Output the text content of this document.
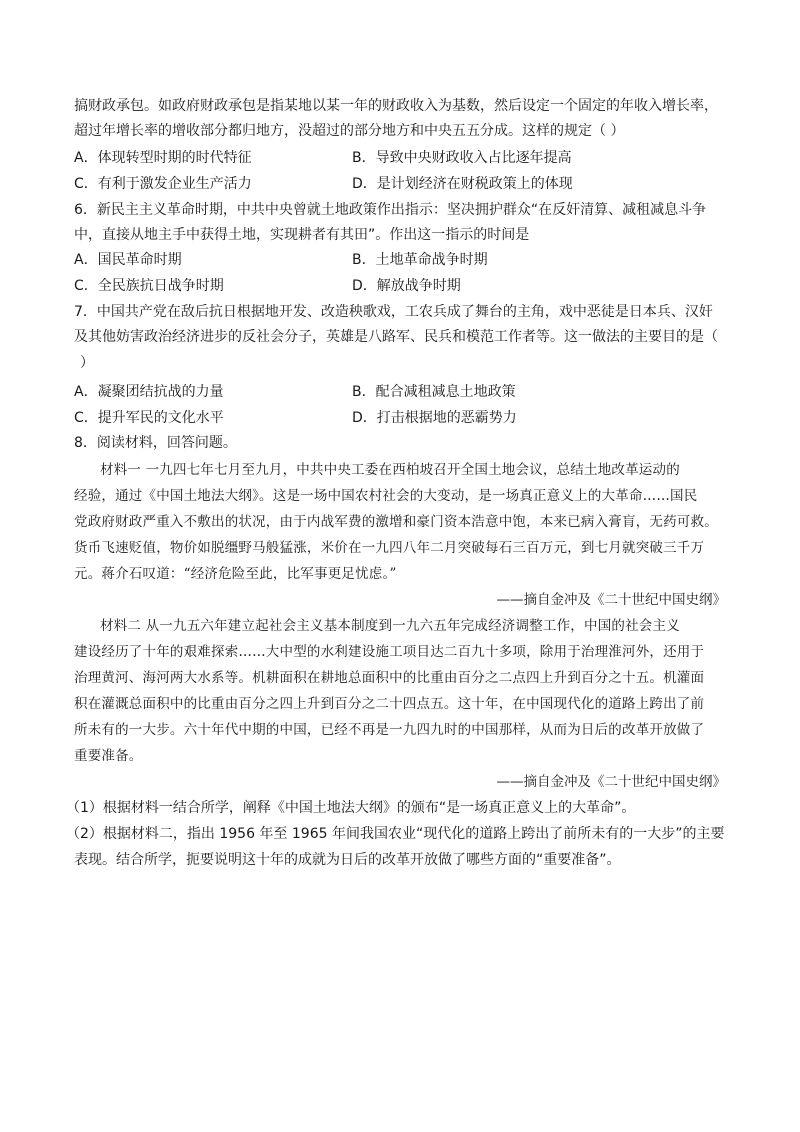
搞财政承包。如政府财政承包是指某地以某一年的财政收入为基数，然后设定一个固定的年收入增长率，

超过年增长率的增收部分都归地方，没超过的部分地方和中央五五分成。这样的规定（ ）

A．体现转型时期的时代特征	B．导致中央财政收入占比逐年提高

C．有利于激发企业生产活力	D．是计划经济在财税政策上的体现

6．新民主主义革命时期，中共中央曾就土地政策作出指示：坚决拥护群众“在反奸清算、减租减息斗争

中，直接从地主手中获得土地，实现耕者有其田”。作出这一指示的时间是

A．国民革命时期	B．土地革命战争时期

C．全民族抗日战争时期	D．解放战争时期

7．中国共产党在敌后抗日根据地开发、改造秧歌戏，工农兵成了舞台的主角，戏中恶徒是日本兵、汉奸

及其他妨害政治经济进步的反社会分子，英雄是八路军、民兵和模范工作者等。这一做法的主要目的是（

）

A．凝聚团结抗战的力量	B．配合减租减息土地政策

C．提升军民的文化水平	D．打击根据地的恶霸势力

8．阅读材料，回答问题。

材料一 一九四七年七月至九月，中共中央工委在西柏坡召开全国土地会议，总结土地改革运动的

经验，通过《中国土地法大纲》。这是一场中国农村社会的大变动，是一场真正意义上的大革命……国民

党政府财政严重入不敷出的状况，由于内战军费的激增和豪门资本浩意中饱，本来已病入膏肓，无药可救。

货币飞速贬值，物价如脱缰野马般猛涨，米价在一九四八年二月突破每石三百万元，到七月就突破三千万

元。蒋介石叹道：“经济危险至此，比军事更足忧虑。”

——摘自金冲及《二十世纪中国史纲》

材料二 从一九五六年建立起社会主义基本制度到一九六五年完成经济调整工作，中国的社会主义

建设经历了十年的艰难探索……大中型的水利建设施工项目达二百九十多项，除用于治理淮河外，还用于

治理黄河、海河两大水系等。机耕面积在耕地总面积中的比重由百分之二点四上升到百分之十五。机灌面

积在灌溉总面积中的比重由百分之四上升到百分之二十四点五。这十年，在中国现代化的道路上跨出了前

所未有的一大步。六十年代中期的中国，已经不再是一九四九时的中国那样，从而为日后的改革开放做了

重要准备。

——摘自金冲及《二十世纪中国史纲》

（1）根据材料一结合所学，阐释《中国土地法大纲》的颁布“是一场真正意义上的大革命”。

（2）根据材料二，指出 1956 年至 1965 年间我国农业“现代化的道路上跨出了前所未有的一大步”的主要

表现。结合所学，扼要说明这十年的成就为日后的改革开放做了哪些方面的“重要准备”。
